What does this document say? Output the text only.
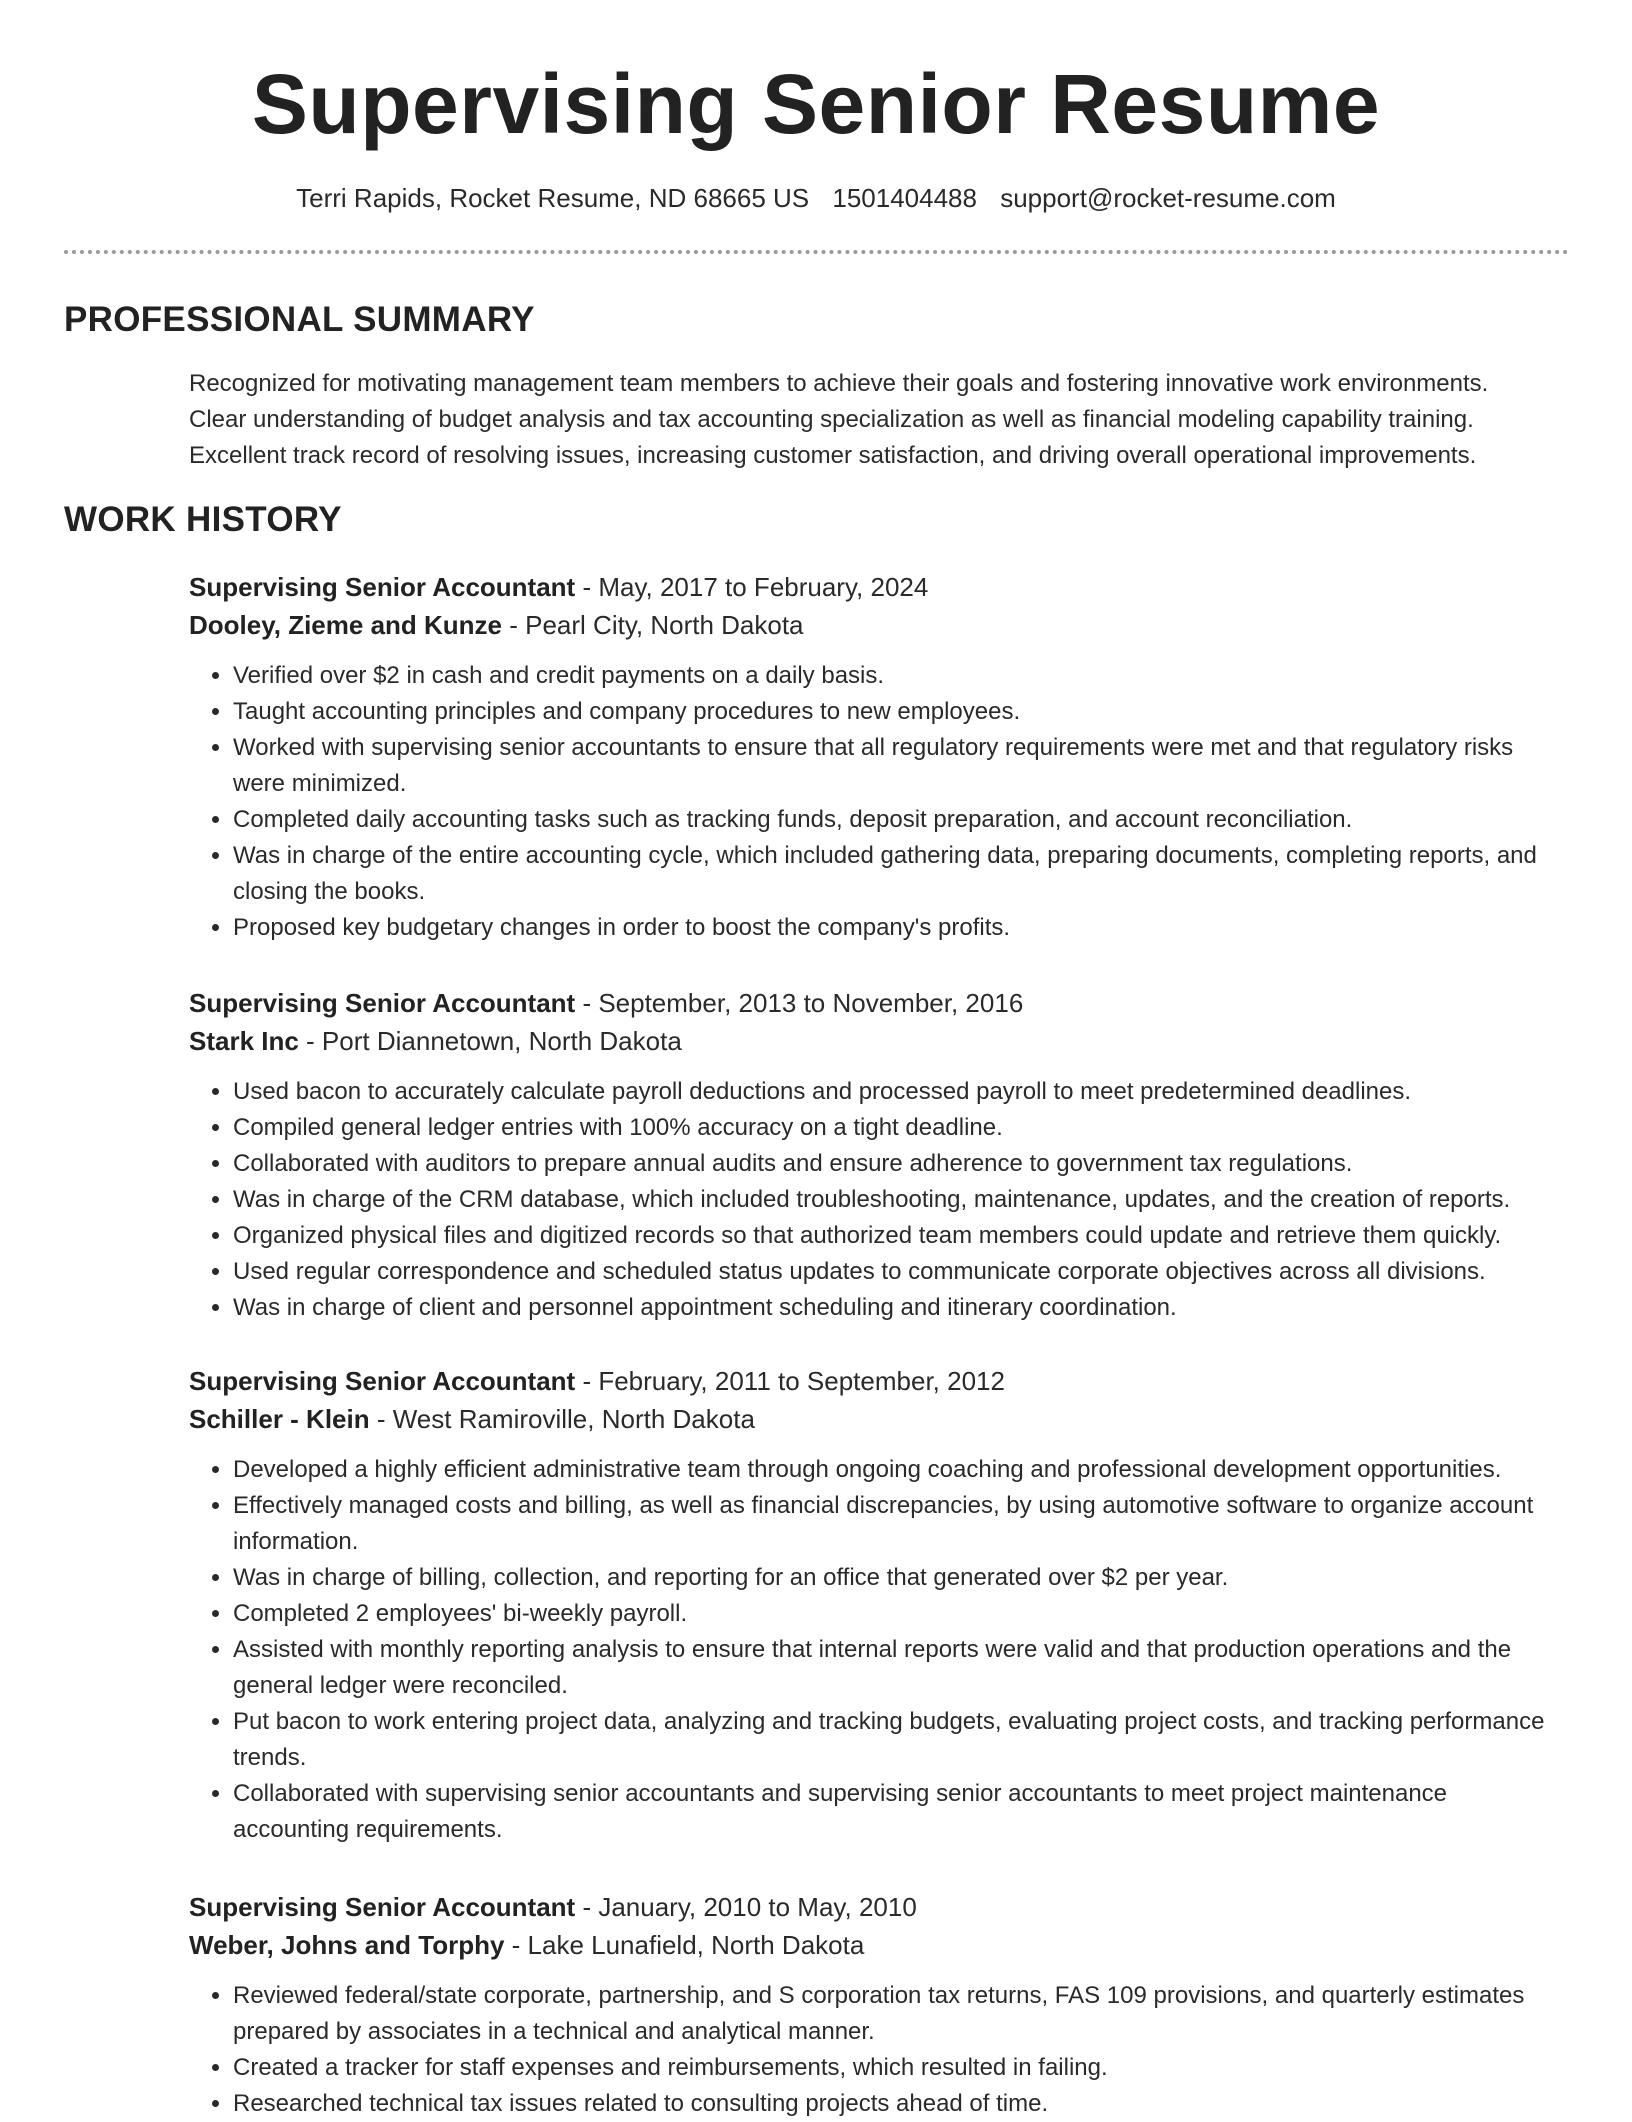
Supervising Senior Resume
Terri Rapids, Rocket Resume, ND 68665 US 1501404488 support@rocket-resume.com
PROFESSIONAL SUMMARY
Recognized for motivating management team members to achieve their goals and fostering innovative work environments.
Clear understanding of budget analysis and tax accounting specialization as well as financial modeling capability training.
Excellent track record of resolving issues, increasing customer satisfaction, and driving overall operational improvements.
WORK HISTORY
Supervising Senior Accountant - May, 2017 to February, 2024
Dooley, Zieme and Kunze - Pearl City, North Dakota
• Verified over $2 in cash and credit payments on a daily basis.
• Taught accounting principles and company procedures to new employees.
• Worked with supervising senior accountants to ensure that all regulatory requirements were met and that regulatory risks were minimized.
• Completed daily accounting tasks such as tracking funds, deposit preparation, and account reconciliation.
• Was in charge of the entire accounting cycle, which included gathering data, preparing documents, completing reports, and closing the books.
• Proposed key budgetary changes in order to boost the company's profits.
Supervising Senior Accountant - September, 2013 to November, 2016
Stark Inc - Port Diannetown, North Dakota
• Used bacon to accurately calculate payroll deductions and processed payroll to meet predetermined deadlines.
• Compiled general ledger entries with 100% accuracy on a tight deadline.
• Collaborated with auditors to prepare annual audits and ensure adherence to government tax regulations.
• Was in charge of the CRM database, which included troubleshooting, maintenance, updates, and the creation of reports.
• Organized physical files and digitized records so that authorized team members could update and retrieve them quickly.
• Used regular correspondence and scheduled status updates to communicate corporate objectives across all divisions.
• Was in charge of client and personnel appointment scheduling and itinerary coordination.
Supervising Senior Accountant - February, 2011 to September, 2012
Schiller - Klein - West Ramiroville, North Dakota
• Developed a highly efficient administrative team through ongoing coaching and professional development opportunities.
• Effectively managed costs and billing, as well as financial discrepancies, by using automotive software to organize account information.
• Was in charge of billing, collection, and reporting for an office that generated over $2 per year.
• Completed 2 employees' bi-weekly payroll.
• Assisted with monthly reporting analysis to ensure that internal reports were valid and that production operations and the general ledger were reconciled.
• Put bacon to work entering project data, analyzing and tracking budgets, evaluating project costs, and tracking performance trends.
• Collaborated with supervising senior accountants and supervising senior accountants to meet project maintenance accounting requirements.
Supervising Senior Accountant - January, 2010 to May, 2010
Weber, Johns and Torphy - Lake Lunafield, North Dakota
• Reviewed federal/state corporate, partnership, and S corporation tax returns, FAS 109 provisions, and quarterly estimates prepared by associates in a technical and analytical manner.
• Created a tracker for staff expenses and reimbursements, which resulted in failing.
• Researched technical tax issues related to consulting projects ahead of time.
